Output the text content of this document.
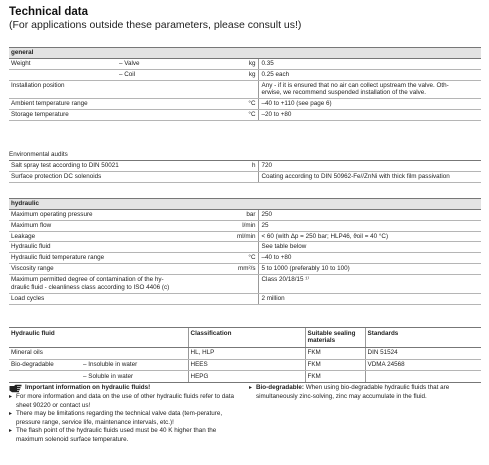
Technical data
(For applications outside these parameters, please consult us!)
general			
Weight	– Valve	kg	0.35
	– Coil	kg	0.25 each
Installation position			Any - if it is ensured that no air can collect upstream the valve. Oth-
erwise, we recommend suspended installation of the valve.

Ambient temperature range		°C	–40 to +110 (see page 6)
Storage temperature		°C	–20 to +80
Environmental audits
Salt spray test according to DIN 50021	h	720
Surface protection DC solenoids		Coating according to DIN 50962-Fe//ZnNi with thick film passivation
hydraulic		
Maximum operating pressure	bar	250
Maximum flow	l/min	25
Leakage	ml/min	< 60 (with Δp = 250 bar; HLP46, ϑoil = 40 °C)
Hydraulic fluid		See table below
Hydraulic fluid temperature range	°C	–40 to +80
Viscosity range	mm²/s	5 to 1000 (preferably 10 to 100)

Maximum permitted degree of contamination of the hy-
draulic fluid - cleanliness class according to ISO 4406 (c)		Class 20/18/15 ¹⁾
Load cycles		2 million
Hydraulic fluid		Classification	Suitable sealing materials	Standards
Mineral oils		HL, HLP	FKM	DIN 51524
Bio-degradable	– Insoluble in water	HEES	FKM	VDMA 24568
	– Soluble in water	HEPG	FKM	
Important information on hydraulic fluids!
▸ For more information and data on the use of other hydraulic fluids refer to data sheet 90220 or contact us!
▸ There may be limitations regarding the technical valve data (tem-perature, pressure range, service life, maintenance intervals, etc.)!
▸ The flash point of the hydraulic fluids used must be 40 K higher than the maximum solenoid surface temperature.
▸ Bio-degradable: When using bio-degradable hydraulic fluids that are simultaneously zinc-solving, zinc may accumulate in the fluid.
